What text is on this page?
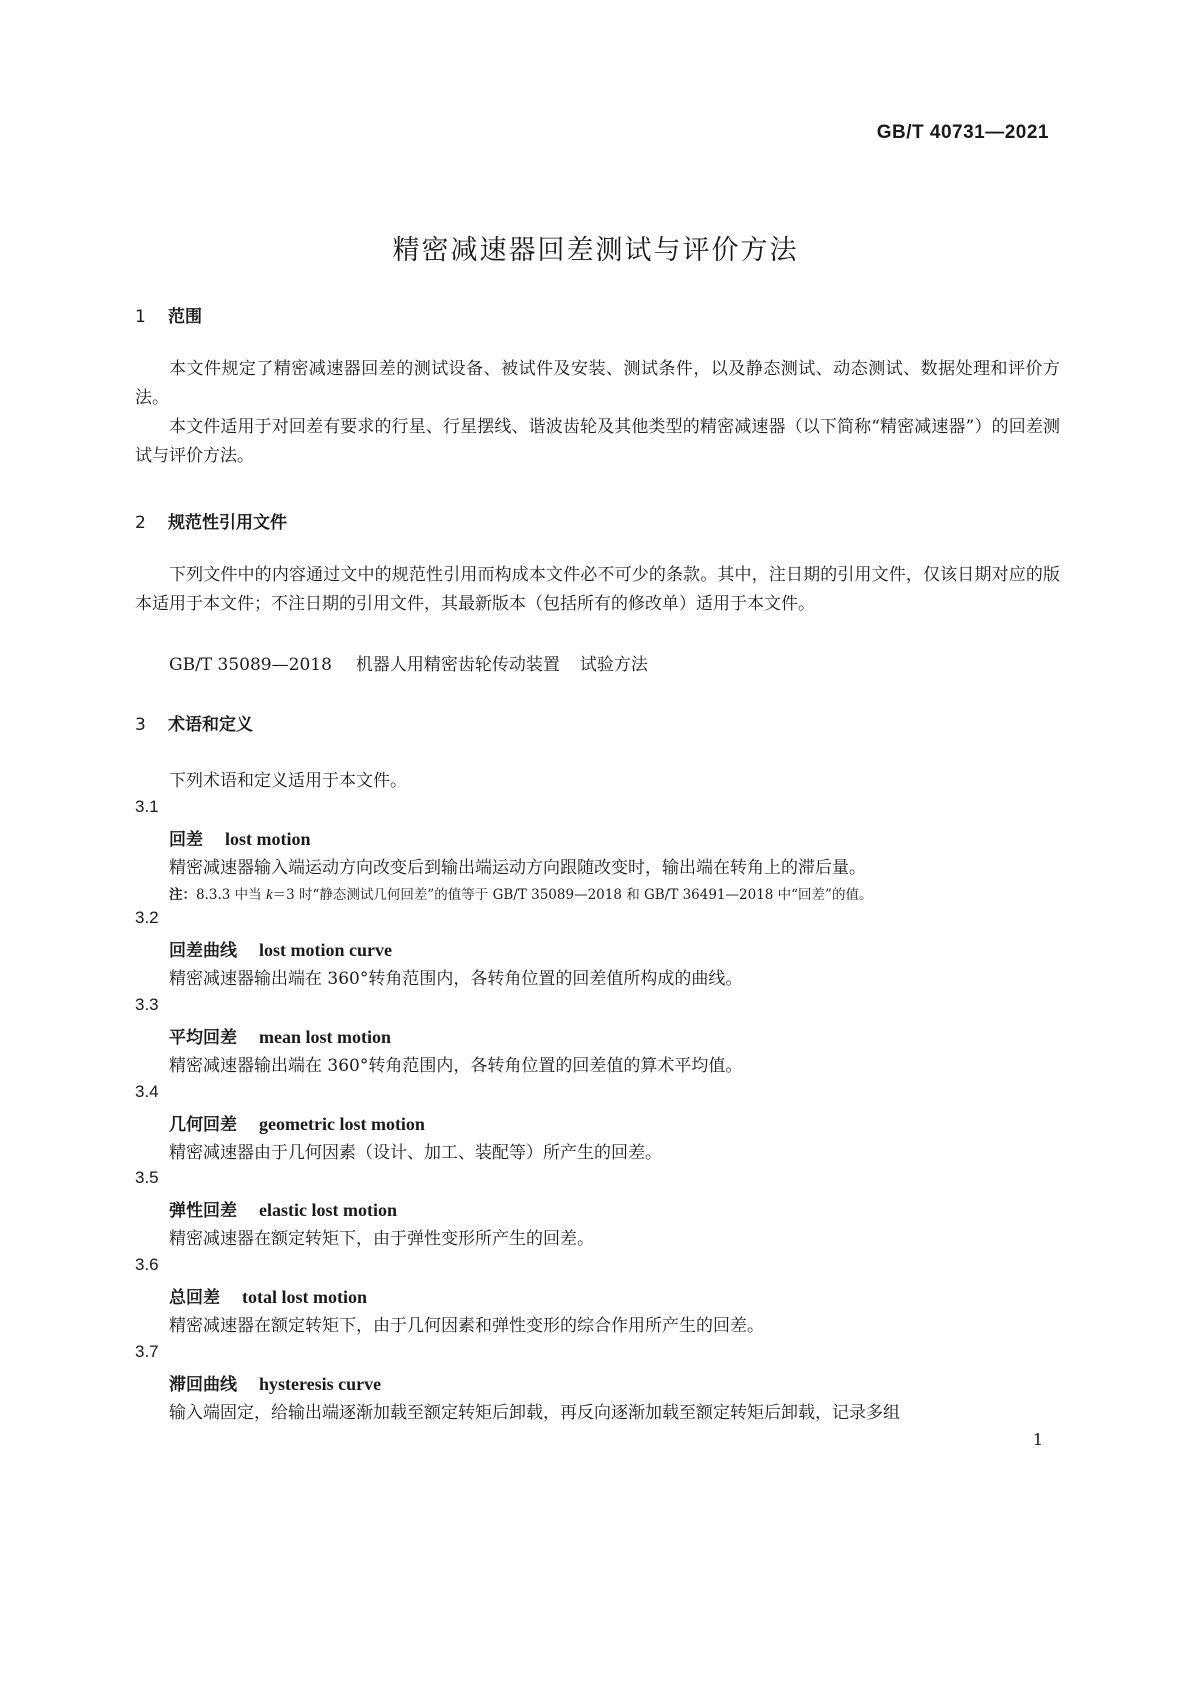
GB/T 40731—2021
精密减速器回差测试与评价方法
1 范围

本文件规定了精密减速器回差的测试设备、被试件及安装、测试条件，以及静态测试、动态测试、数据处理和评价方法。

本文件适用于对回差有要求的行星、行星摆线、谐波齿轮及其他类型的精密减速器（以下简称“精密减速器”）的回差测试与评价方法。

2 规范性引用文件

下列文件中的内容通过文中的规范性引用而构成本文件必不可少的条款。其中，注日期的引用文件，仅该日期对应的版本适用于本文件；不注日期的引用文件，其最新版本（包括所有的修改单）适用于本文件。

GB/T 35089—2018 机器人用精密齿轮传动装置 试验方法
3 术语和定义
下列术语和定义适用于本文件。
3.1
回差 lost motion
精密减速器输入端运动方向改变后到输出端运动方向跟随改变时，输出端在转角上的滞后量。
注：8.3.3 中当 k＝3 时“静态测试几何回差”的值等于 GB/T 35089—2018 和 GB/T 36491—2018 中“回差”的值。
3.2
回差曲线 lost motion curve
精密减速器输出端在 360°转角范围内，各转角位置的回差值所构成的曲线。
3.3
平均回差 mean lost motion
精密减速器输出端在 360°转角范围内，各转角位置的回差值的算术平均值。
3.4
几何回差 geometric lost motion
精密减速器由于几何因素（设计、加工、装配等）所产生的回差。
3.5
弹性回差 elastic lost motion
精密减速器在额定转矩下，由于弹性变形所产生的回差。
3.6
总回差 total lost motion
精密减速器在额定转矩下，由于几何因素和弹性变形的综合作用所产生的回差。
3.7
滞回曲线 hysteresis curve
输入端固定，给输出端逐渐加载至额定转矩后卸载，再反向逐渐加载至额定转矩后卸载，记录多组
1
